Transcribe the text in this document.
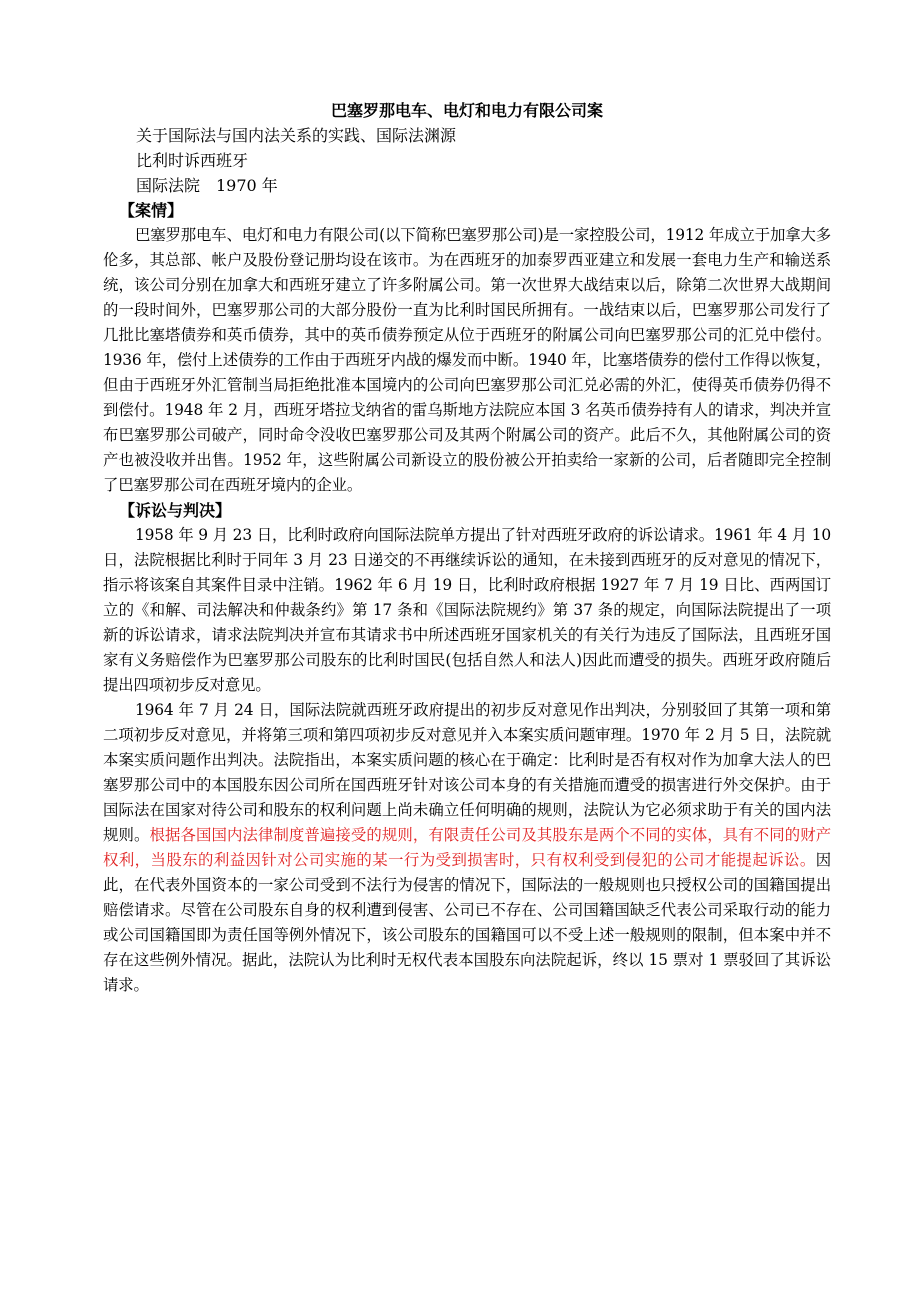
巴塞罗那电车、电灯和电力有限公司案
关于国际法与国内法关系的实践、国际法渊源
比利时诉西班牙
国际法院　1970 年
【案情】

巴塞罗那电车、电灯和电力有限公司(以下简称巴塞罗那公司)是一家控股公司，1912 年成立于加拿大多伦多，其总部、帐户及股份登记册均设在该市。为在西班牙的加泰罗西亚建立和发展一套电力生产和输送系统，该公司分别在加拿大和西班牙建立了许多附属公司。第一次世界大战结束以后，除第二次世界大战期间的一段时间外，巴塞罗那公司的大部分股份一直为比利时国民所拥有。一战结束以后，巴塞罗那公司发行了几批比塞塔债券和英币债券，其中的英币债券预定从位于西班牙的附属公司向巴塞罗那公司的汇兑中偿付。1936 年，偿付上述债券的工作由于西班牙内战的爆发而中断。1940 年，比塞塔债券的偿付工作得以恢复，但由于西班牙外汇管制当局拒绝批准本国境内的公司向巴塞罗那公司汇兑必需的外汇，使得英币债券仍得不到偿付。1948 年 2 月，西班牙塔拉戈纳省的雷乌斯地方法院应本国 3 名英币债券持有人的请求，判决并宣布巴塞罗那公司破产，同时命令没收巴塞罗那公司及其两个附属公司的资产。此后不久，其他附属公司的资产也被没收并出售。1952 年，这些附属公司新设立的股份被公开拍卖给一家新的公司，后者随即完全控制了巴塞罗那公司在西班牙境内的企业。

【诉讼与判决】

1958 年 9 月 23 日，比利时政府向国际法院单方提出了针对西班牙政府的诉讼请求。1961 年 4 月 10 日，法院根据比利时于同年 3 月 23 日递交的不再继续诉讼的通知，在未接到西班牙的反对意见的情况下，指示将该案自其案件目录中注销。1962 年 6 月 19 日，比利时政府根据 1927 年 7 月 19 日比、西两国订立的《和解、司法解决和仲裁条约》第 17 条和《国际法院规约》第 37 条的规定，向国际法院提出了一项新的诉讼请求，请求法院判决并宣布其请求书中所述西班牙国家机关的有关行为违反了国际法，且西班牙国家有义务赔偿作为巴塞罗那公司股东的比利时国民(包括自然人和法人)因此而遭受的损失。西班牙政府随后提出四项初步反对意见。

1964 年 7 月 24 日，国际法院就西班牙政府提出的初步反对意见作出判决，分别驳回了其第一项和第二项初步反对意见，并将第三项和第四项初步反对意见并入本案实质问题审理。1970 年 2 月 5 日，法院就本案实质问题作出判决。法院指出，本案实质问题的核心在于确定：比利时是否有权对作为加拿大法人的巴塞罗那公司中的本国股东因公司所在国西班牙针对该公司本身的有关措施而遭受的损害进行外交保护。由于国际法在国家对待公司和股东的权利问题上尚未确立任何明确的规则，法院认为它必须求助于有关的国内法规则。根据各国国内法律制度普遍接受的规则，有限责任公司及其股东是两个不同的实体，具有不同的财产权利，当股东的利益因针对公司实施的某一行为受到损害时，只有权利受到侵犯的公司才能提起诉讼。因此，在代表外国资本的一家公司受到不法行为侵害的情况下，国际法的一般规则也只授权公司的国籍国提出赔偿请求。尽管在公司股东自身的权利遭到侵害、公司已不存在、公司国籍国缺乏代表公司采取行动的能力或公司国籍国即为责任国等例外情况下，该公司股东的国籍国可以不受上述一般规则的限制，但本案中并不存在这些例外情况。据此，法院认为比利时无权代表本国股东向法院起诉，终以 15 票对 1 票驳回了其诉讼请求。
